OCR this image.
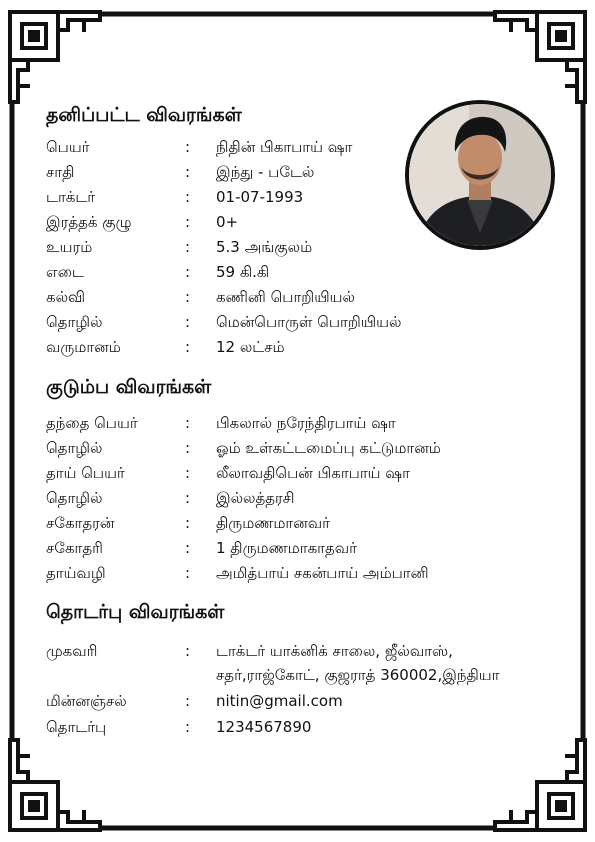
தனிப்பட்ட விவரங்கள்
பெயர்	: நிதின் பிகாபாய் ஷா
சாதி	: இந்து - படேல்
டாக்டர்	: 01-07-1993
இரத்தக் குழு	: 0+
உயரம்	: 5.3 அங்குலம்
எடை	: 59 கி.கி
கல்வி	: கணினி பொறியியல்
தொழில்	: மென்பொருள் பொறியியல்
வருமானம்	: 12 லட்சம்
குடும்ப விவரங்கள்
தந்தை பெயர்	: பிகலால் நரேந்திரபாய் ஷா
தொழில்	: ஓம் உள்கட்டமைப்பு கட்டுமானம்
தாய் பெயர்	: லீலாவதிபென் பிகாபாய் ஷா
தொழில்	: இல்லத்தரசி
சகோதரன்	: திருமணமானவர்
சகோதரி	: 1 திருமணமாகாதவர்
தாய்வழி	: அமித்பாய் சகன்பாய் அம்பானி
தொடர்பு விவரங்கள்
முகவரி	: டாக்டர் யாக்னிக் சாலை, ஜீல்வாஸ்,
சதர்,ராஜ்கோட், குஜராத் 360002,இந்தியா
மின்னஞ்சல்	: nitin@gmail.com
தொடர்பு	: 1234567890
